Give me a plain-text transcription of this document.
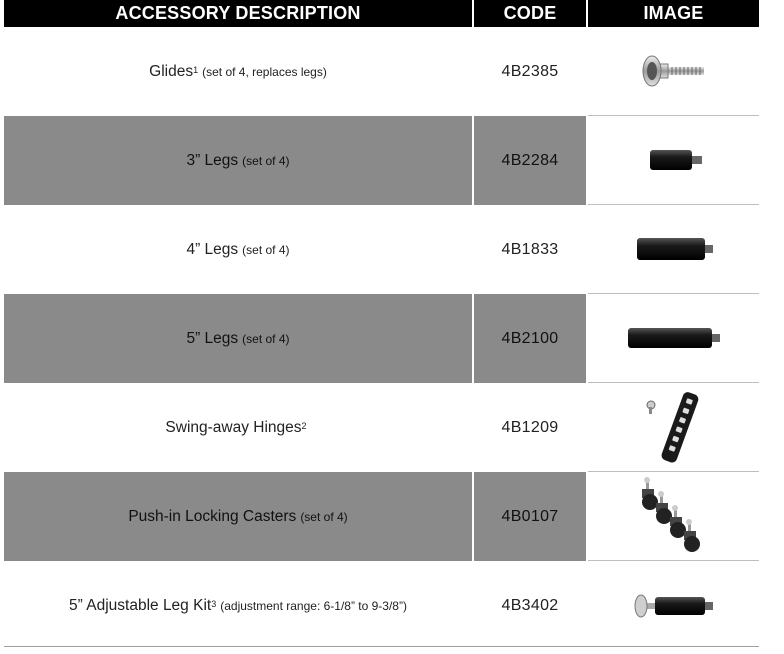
ACCESSORY DESCRIPTION	CODE	IMAGE
Glides$^1$ (set of 4, replaces legs)	4B2385
3” Legs (set of 4)	4B2284
4” Legs (set of 4)	4B1833
5” Legs (set of 4)	4B2100
Swing-away Hinges$^2$	4B1209
Push-in Locking Casters (set of 4)	4B0107
5” Adjustable Leg Kit$^3$ (adjustment range: 6-1/8” to 9-3/8”)	4B3402
